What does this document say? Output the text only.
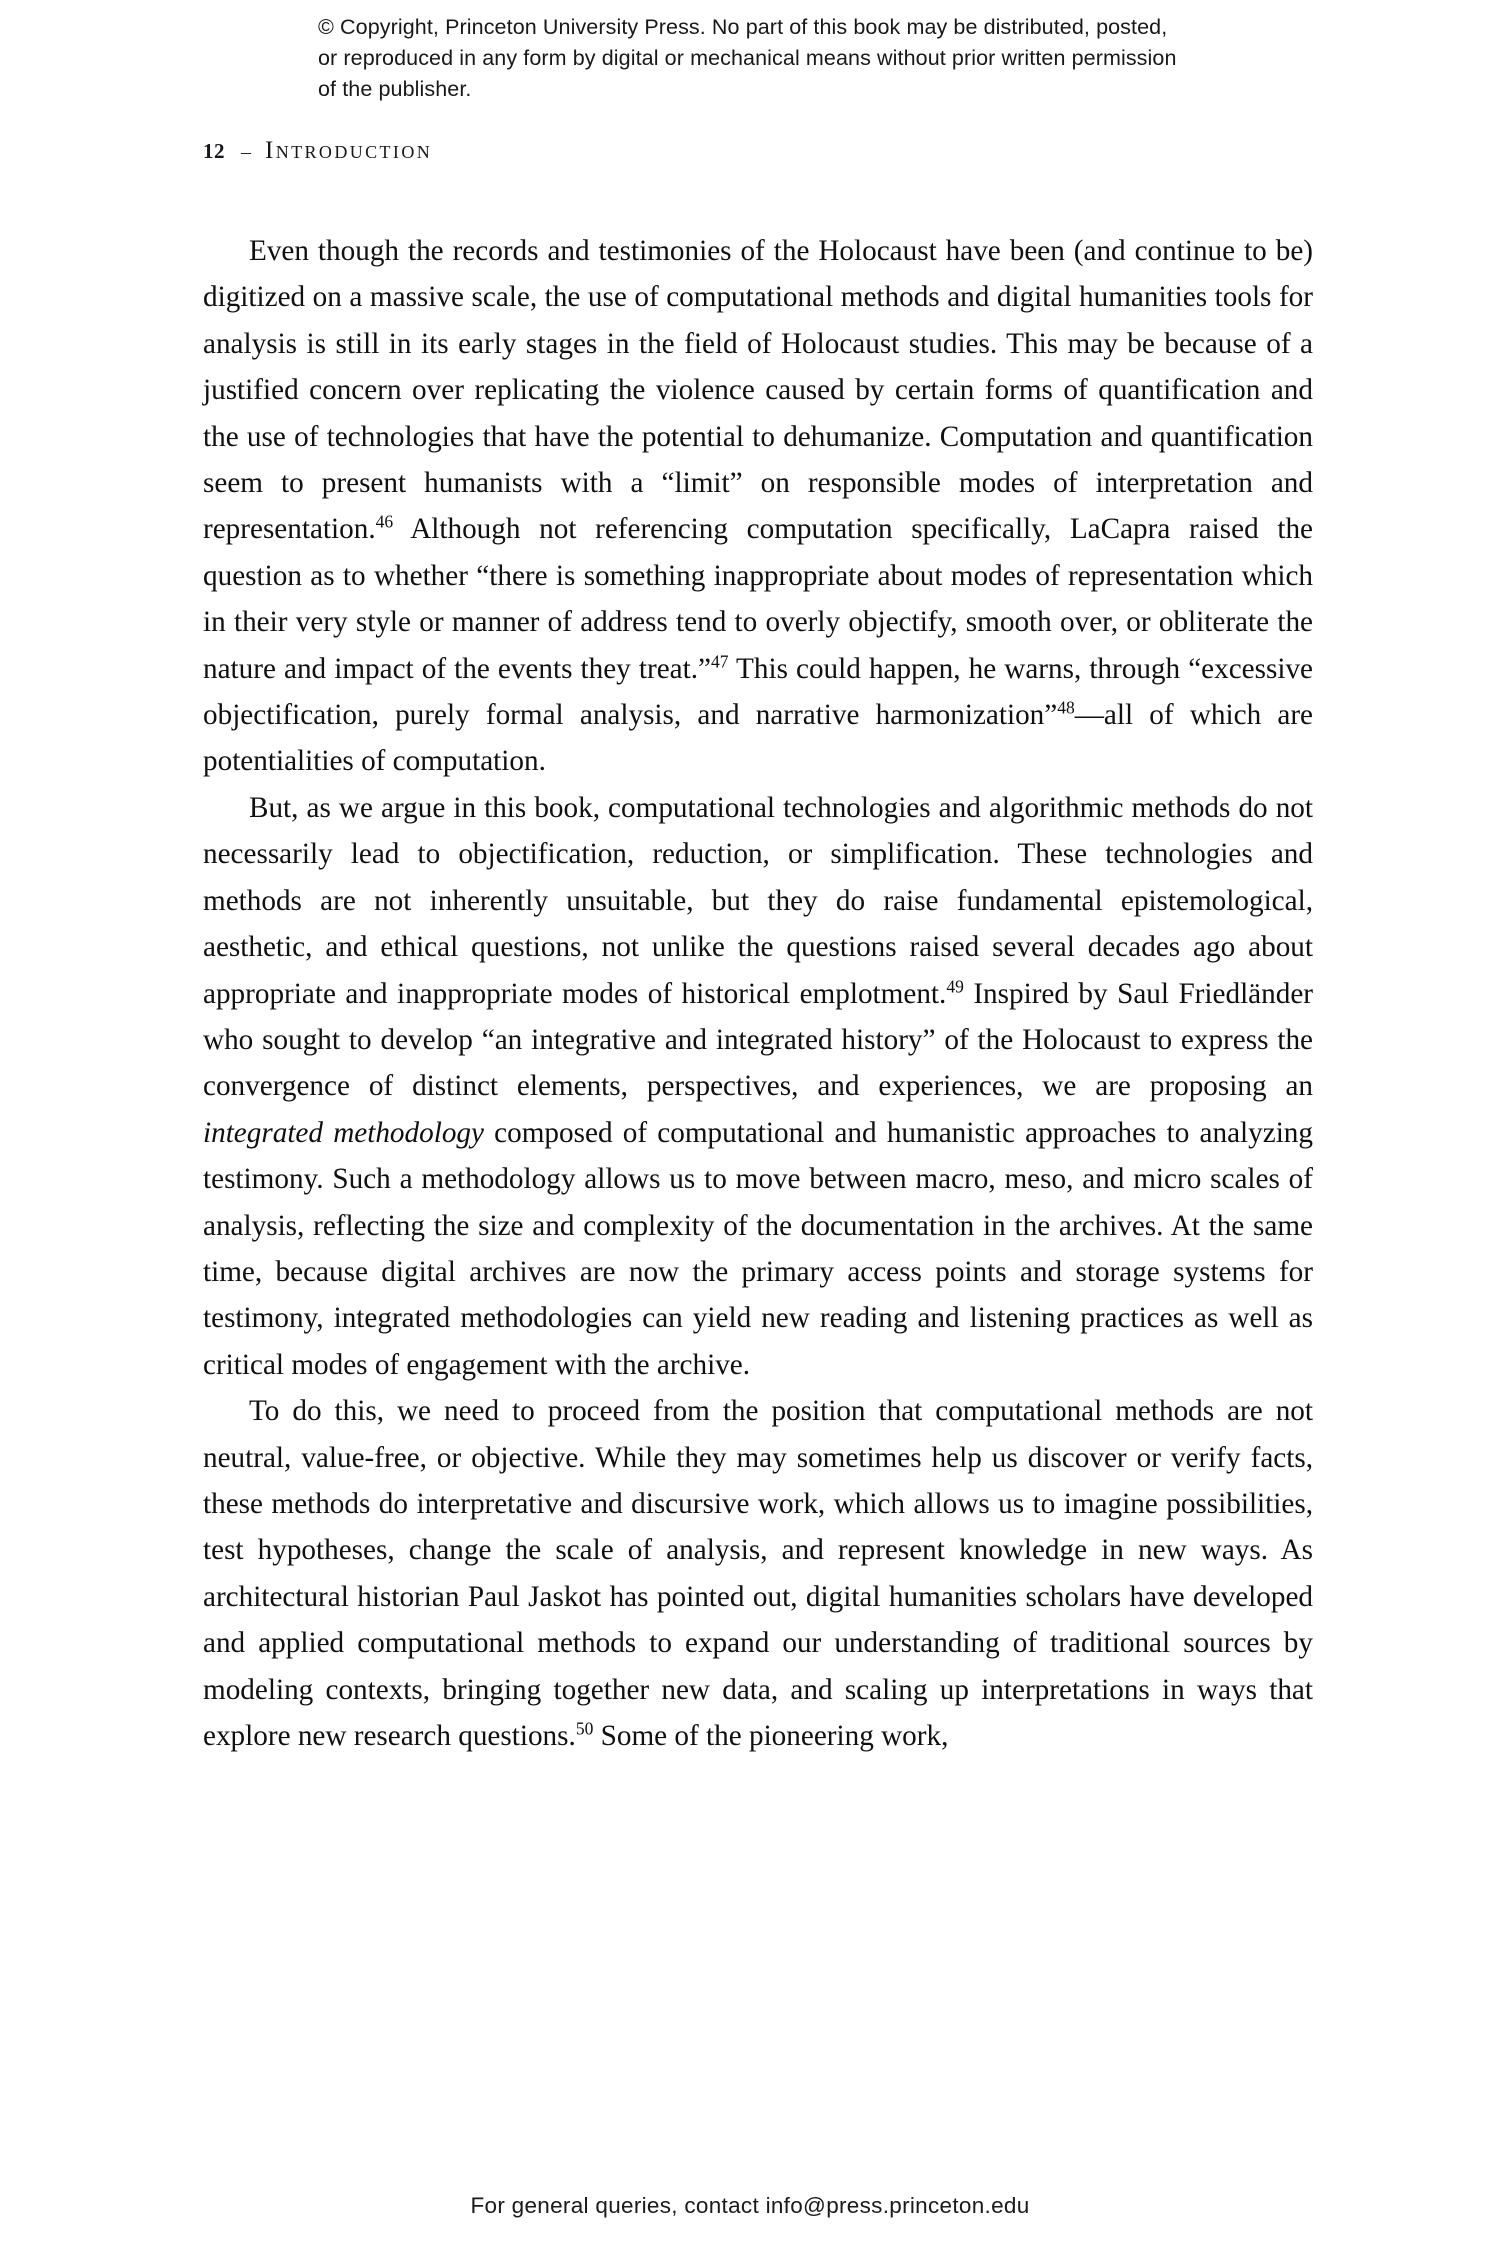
© Copyright, Princeton University Press. No part of this book may be distributed, posted, or reproduced in any form by digital or mechanical means without prior written permission of the publisher.
12 – Introduction

Even though the records and testimonies of the Holocaust have been (and continue to be) digitized on a massive scale, the use of computational methods and digital humanities tools for analysis is still in its early stages in the field of Holocaust studies. This may be because of a justified concern over replicating the violence caused by certain forms of quantification and the use of technologies that have the potential to dehumanize. Computation and quantification seem to present humanists with a “limit” on responsible modes of interpretation and representation.$^{46}$ Although not referencing computation specifically, LaCapra raised the question as to whether “there is something inappropriate about modes of representation which in their very style or manner of address tend to overly objectify, smooth over, or obliterate the nature and impact of the events they treat.”$^{47}$ This could happen, he warns, through “excessive objectification, purely formal analysis, and narrative harmonization”$^{48}$—all of which are potentialities of computation.

But, as we argue in this book, computational technologies and algorithmic methods do not necessarily lead to objectification, reduction, or simplification. These technologies and methods are not inherently unsuitable, but they do raise fundamental epistemological, aesthetic, and ethical questions, not unlike the questions raised several decades ago about appropriate and inappropriate modes of historical emplotment.$^{49}$ Inspired by Saul Friedländer who sought to develop “an integrative and integrated history” of the Holocaust to express the convergence of distinct elements, perspectives, and experiences, we are proposing an integrated methodology composed of computational and humanistic approaches to analyzing testimony. Such a methodology allows us to move between macro, meso, and micro scales of analysis, reflecting the size and complexity of the documentation in the archives. At the same time, because digital archives are now the primary access points and storage systems for testimony, integrated methodologies can yield new reading and listening practices as well as critical modes of engagement with the archive.

To do this, we need to proceed from the position that computational methods are not neutral, value-free, or objective. While they may sometimes help us discover or verify facts, these methods do interpretative and discursive work, which allows us to imagine possibilities, test hypotheses, change the scale of analysis, and represent knowledge in new ways. As architectural historian Paul Jaskot has pointed out, digital humanities scholars have developed and applied computational methods to expand our understanding of traditional sources by modeling contexts, bringing together new data, and scaling up interpretations in ways that explore new research questions.$^{50}$ Some of the pioneering work,

For general queries, contact info@press.princeton.edu
